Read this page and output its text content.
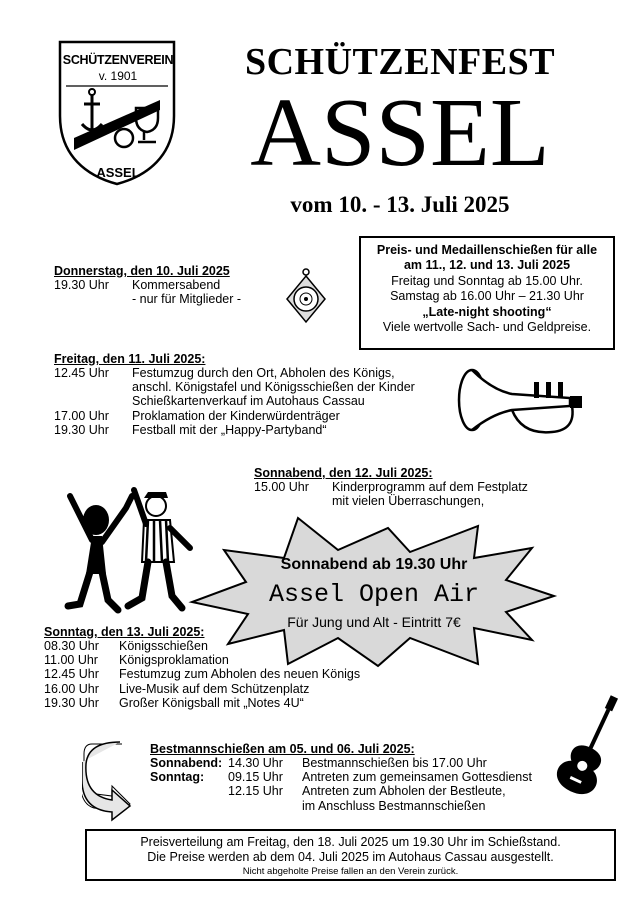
SCHÜTZENVEREIN
v. 1901
ASSEL
SCHÜTZENFEST
ASSEL
vom 10. - 13. Juli 2025
Preis- und Medaillenschießen für alle
am 11., 12. und 13. Juli 2025
Freitag und Sonntag ab 15.00 Uhr.
Samstag ab 16.00 Uhr – 21.30 Uhr
„Late-night shooting“
Viele wertvolle Sach- und Geldpreise.
Donnerstag, den 10. Juli 2025
19.30 Uhr Kommersabend
- nur für Mitglieder -
Freitag, den 11. Juli 2025:
12.45 Uhr Festumzug durch den Ort, Abholen des Königs,
anschl. Königstafel und Königsschießen der Kinder
Schießkartenverkauf im Autohaus Cassau
17.00 Uhr Proklamation der Kinderwürdenträger
19.30 Uhr Festball mit der „Happy-Partyband“
Sonnabend, den 12. Juli 2025:
15.00 Uhr Kinderprogramm auf dem Festplatz
mit vielen Überraschungen,
Sonnabend ab 19.30 Uhr
Assel Open Air
Für Jung und Alt - Eintritt 7€
Sonntag, den 13. Juli 2025:
08.30 Uhr Königsschießen
11.00 Uhr Königsproklamation
12.45 Uhr Festumzug zum Abholen des neuen Königs
16.00 Uhr Live-Musik auf dem Schützenplatz
19.30 Uhr Großer Königsball mit „Notes 4U“
Bestmannschießen am 05. und 06. Juli 2025:
Sonnabend: 14.30 Uhr Bestmannschießen bis 17.00 Uhr
Sonntag: 09.15 Uhr Antreten zum gemeinsamen Gottesdienst
12.15 Uhr Antreten zum Abholen der Bestleute,
im Anschluss Bestmannschießen
Preisverteilung am Freitag, den 18. Juli 2025 um 19.30 Uhr im Schießstand.
Die Preise werden ab dem 04. Juli 2025 im Autohaus Cassau ausgestellt.
Nicht abgeholte Preise fallen an den Verein zurück.
